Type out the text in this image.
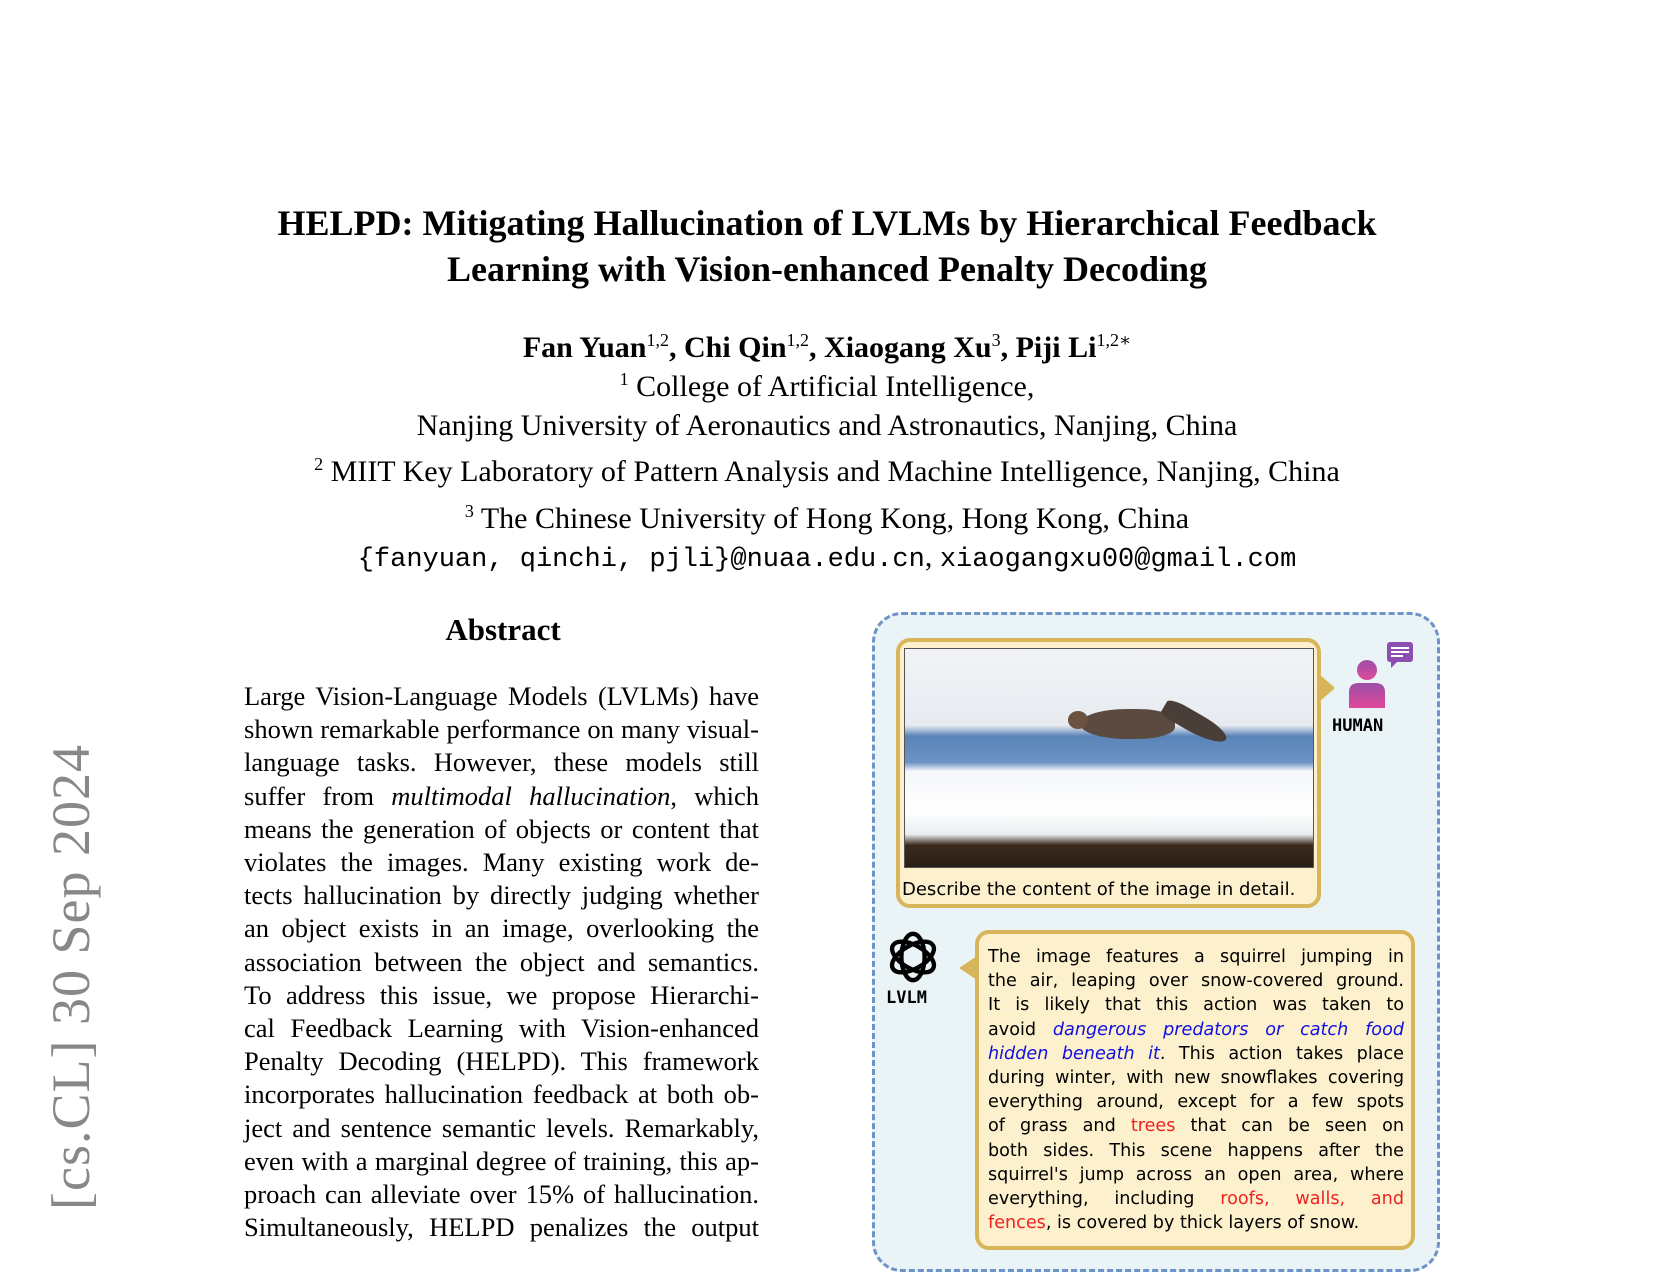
HELPD: Mitigating Hallucination of LVLMs by Hierarchical Feedback
Learning with Vision-enhanced Penalty Decoding
Fan Yuan$^{1,2}$, Chi Qin$^{1,2}$, Xiaogang Xu$^3$, Piji $Li^{1,2∗}$
$^1$ College of Artificial Intelligence,
Nanjing University of Aeronautics and Astronautics, Nanjing, China
$^2$ MIIT Key Laboratory of Pattern Analysis and Machine Intelligence, Nanjing, China
$^3$ The Chinese University of Hong Kong, Hong Kong, China
{fanyuan, qinchi, pjli}@nuaa.edu.cn, xiaogangxu00@gmail.com
[cs.CL] 30 Sep 2024
Abstract
Large Vision-Language Models (LVLMs) have
shown remarkable performance on many visual-
language tasks. However, these models still
suffer from multimodal hallucination, which
means the generation of objects or content that
violates the images. Many existing work de-
tects hallucination by directly judging whether
an object exists in an image, overlooking the
association between the object and semantics.
To address this issue, we propose Hierarchi-
cal Feedback Learning with Vision-enhanced
Penalty Decoding (HELPD). This framework
incorporates hallucination feedback at both ob-
ject and sentence semantic levels. Remarkably,
even with a marginal degree of training, this ap-
proach can alleviate over 15% of hallucination.
Simultaneously, HELPD penalizes the output
Describe the content of the image in detail.
HUMAN
LVLM
The image features a squirrel jumping in
the air, leaping over snow-covered ground.
It is likely that this action was taken to
avoid dangerous predators or catch food
hidden beneath it. This action takes place
during winter, with new snowflakes covering
everything around, except for a few spots
of grass and trees that can be seen on
both sides. This scene happens after the
squirrel's jump across an open area, where
everything, including roofs, walls, and
fences, is covered by thick layers of snow.
